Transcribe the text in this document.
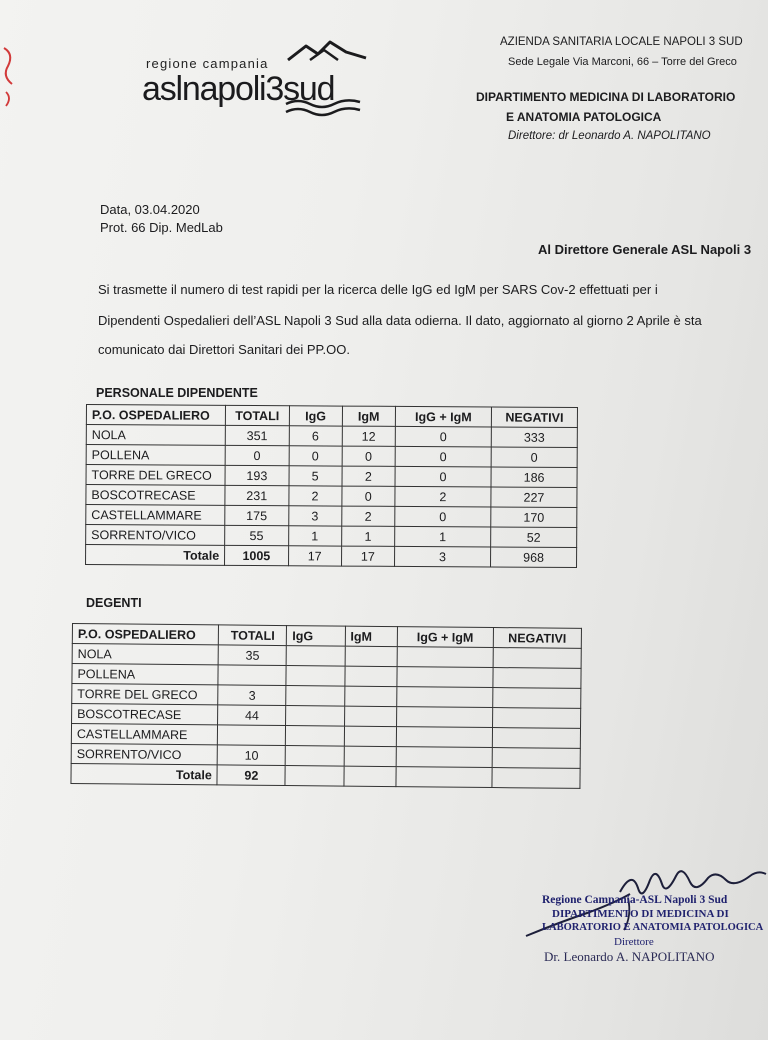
regione campania
aslnapoli3sud
AZIENDA SANITARIA LOCALE NAPOLI 3 SUD
Sede Legale Via Marconi, 66 – Torre del Greco
DIPARTIMENTO MEDICINA DI LABORATORIO
E ANATOMIA PATOLOGICA
Direttore: dr Leonardo A. NAPOLITANO
Data, 03.04.2020
Prot. 66 Dip. MedLab
Al Direttore Generale ASL Napoli 3
Si trasmette il numero di test rapidi per la ricerca delle IgG ed IgM per SARS Cov-2 effettuati per i
Dipendenti Ospedalieri dell’ASL Napoli 3 Sud alla data odierna. Il dato, aggiornato al giorno 2 Aprile è sta
comunicato dai Direttori Sanitari dei PP.OO.
PERSONALE DIPENDENTE
P.O. OSPEDALIERO	TOTALI	IgG	IgM	IgG + IgM	NEGATIVI
NOLA	351	6	12	0	333
POLLENA	0	0	0	0	0
TORRE DEL GRECO	193	5	2	0	186
BOSCOTRECASE	231	2	0	2	227
CASTELLAMMARE	175	3	2	0	170
SORRENTO/VICO	55	1	1	1	52
Totale	1005	17	17	3	968
DEGENTI
P.O. OSPEDALIERO	TOTALI	IgG	IgM	IgG + IgM	NEGATIVI
NOLA	35				
POLLENA					
TORRE DEL GRECO	3				
BOSCOTRECASE	44				
CASTELLAMMARE					
SORRENTO/VICO	10				
Totale	92				
Regione Campania-ASL Napoli 3 Sud
DIPARTIMENTO DI MEDICINA DI
LABORATORIO E ANATOMIA PATOLOGICA
Direttore
Dr. Leonardo A. NAPOLITANO
